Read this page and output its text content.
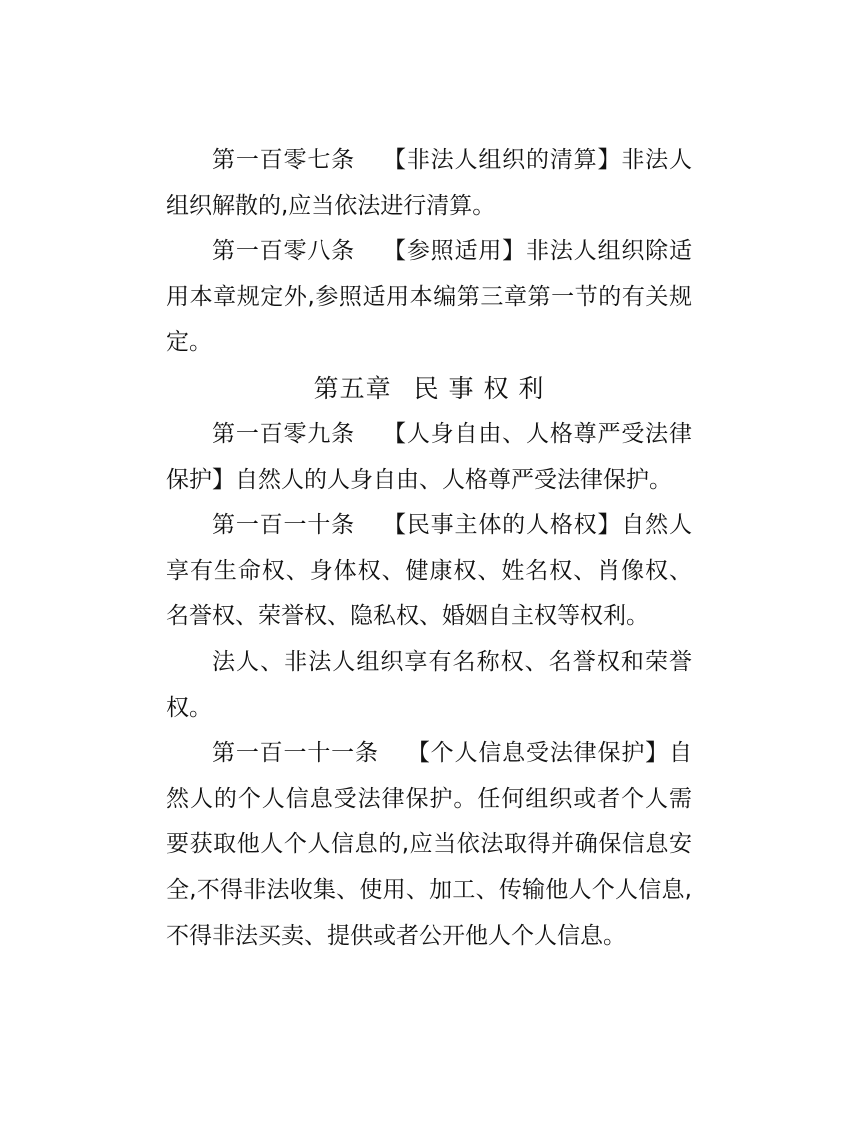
第一百零七条 【非法人组织的清算】非法人组织解散的,应当依法进行清算。

第一百零八条 【参照适用】非法人组织除适用本章规定外,参照适用本编第三章第一节的有关规定。

第五章 民 事 权 利

第一百零九条 【人身自由、人格尊严受法律保护】自然人的人身自由、人格尊严受法律保护。

第一百一十条 【民事主体的人格权】自然人享有生命权、身体权、健康权、姓名权、肖像权、名誉权、荣誉权、隐私权、婚姻自主权等权利。

法人、非法人组织享有名称权、名誉权和荣誉权。

第一百一十一条 【个人信息受法律保护】自然人的个人信息受法律保护。任何组织或者个人需要获取他人个人信息的,应当依法取得并确保信息安全,不得非法收集、使用、加工、传输他人个人信息,不得非法买卖、提供或者公开他人个人信息。
